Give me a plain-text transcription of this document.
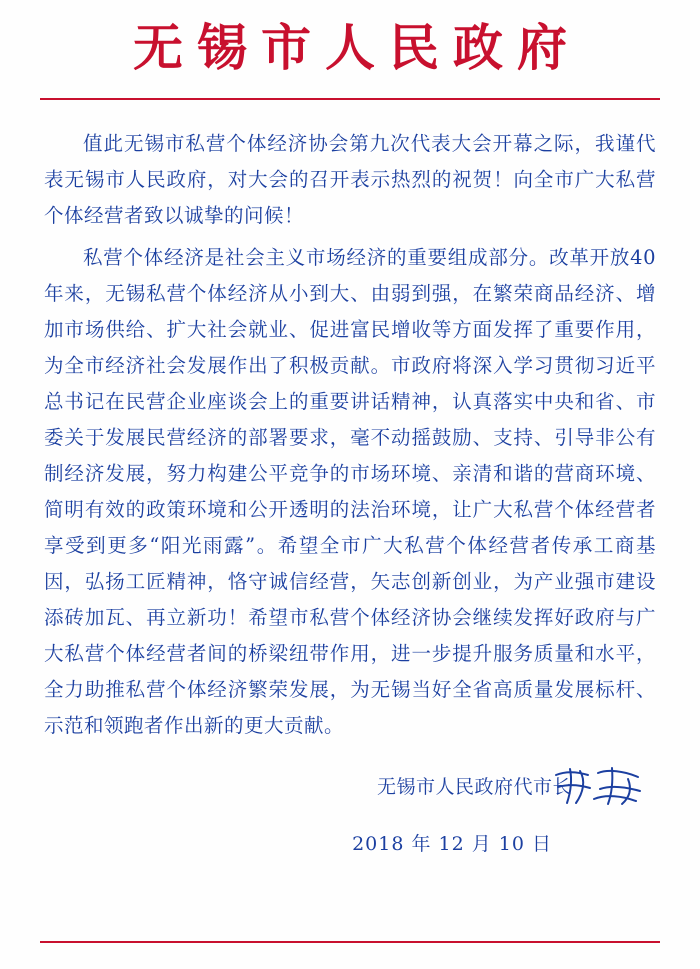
无锡市人民政府

值此无锡市私营个体经济协会第九次代表大会开幕之际，我谨代表无锡市人民政府，对大会的召开表示热烈的祝贺！向全市广大私营个体经营者致以诚挚的问候！

私营个体经济是社会主义市场经济的重要组成部分。改革开放40年来，无锡私营个体经济从小到大、由弱到强，在繁荣商品经济、增加市场供给、扩大社会就业、促进富民增收等方面发挥了重要作用，为全市经济社会发展作出了积极贡献。市政府将深入学习贯彻习近平总书记在民营企业座谈会上的重要讲话精神，认真落实中央和省、市委关于发展民营经济的部署要求，毫不动摇鼓励、支持、引导非公有制经济发展，努力构建公平竞争的市场环境、亲清和谐的营商环境、简明有效的政策环境和公开透明的法治环境，让广大私营个体经营者享受到更多“阳光雨露”。希望全市广大私营个体经营者传承工商基因，弘扬工匠精神，恪守诚信经营，矢志创新创业，为产业强市建设添砖加瓦、再立新功！希望市私营个体经济协会继续发挥好政府与广大私营个体经营者间的桥梁纽带作用，进一步提升服务质量和水平，全力助推私营个体经济繁荣发展，为无锡当好全省高质量发展标杆、示范和领跑者作出新的更大贡献。

无锡市人民政府代市长
2018 年 12 月 10 日
